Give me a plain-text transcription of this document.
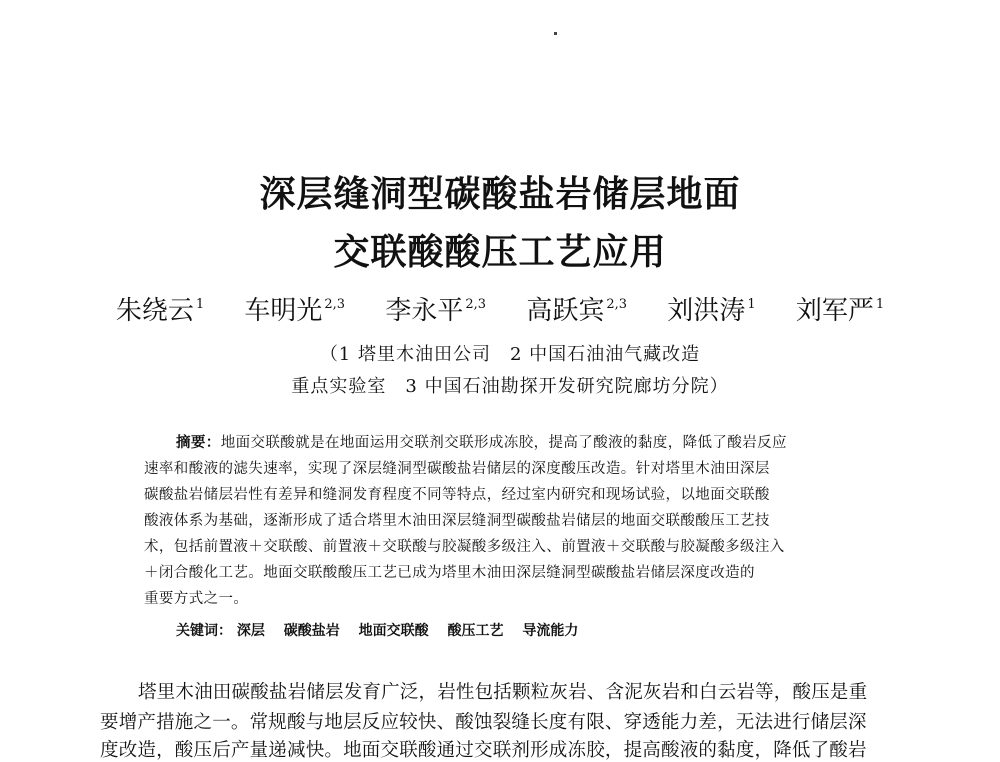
深层缝洞型碳酸盐岩储层地面
交联酸酸压工艺应用
朱绕云 $^1$ 车明光 $^{2,3}$ 李永平 $^{2,3}$ 高跃宾 $^{2,3}$ 刘洪涛 $^1$ 刘军严 $^1$
（1 塔里木油田公司　2 中国石油油气藏改造
重点实验室　3 中国石油勘探开发研究院廊坊分院）
摘要：地面交联酸就是在地面运用交联剂交联形成冻胶，提高了酸液的黏度，降低了酸岩反应
速率和酸液的滤失速率，实现了深层缝洞型碳酸盐岩储层的深度酸压改造。针对塔里木油田深层
碳酸盐岩储层岩性有差异和缝洞发育程度不同等特点，经过室内研究和现场试验，以地面交联酸
酸液体系为基础，逐渐形成了适合塔里木油田深层缝洞型碳酸盐岩储层的地面交联酸酸压工艺技
术，包括前置液＋交联酸、前置液＋交联酸与胶凝酸多级注入、前置液＋交联酸与胶凝酸多级注入
＋闭合酸化工艺。地面交联酸酸压工艺已成为塔里木油田深层缝洞型碳酸盐岩储层深度改造的
重要方式之一。
关键词： 深层 碳酸盐岩 地面交联酸 酸压工艺 导流能力
塔里木油田碳酸盐岩储层发育广泛，岩性包括颗粒灰岩、含泥灰岩和白云岩等，酸压是重
要增产措施之一。常规酸与地层反应较快、酸蚀裂缝长度有限、穿透能力差，无法进行储层深
度改造，酸压后产量递减快。地面交联酸通过交联剂形成冻胶，提高酸液的黏度，降低了酸岩
